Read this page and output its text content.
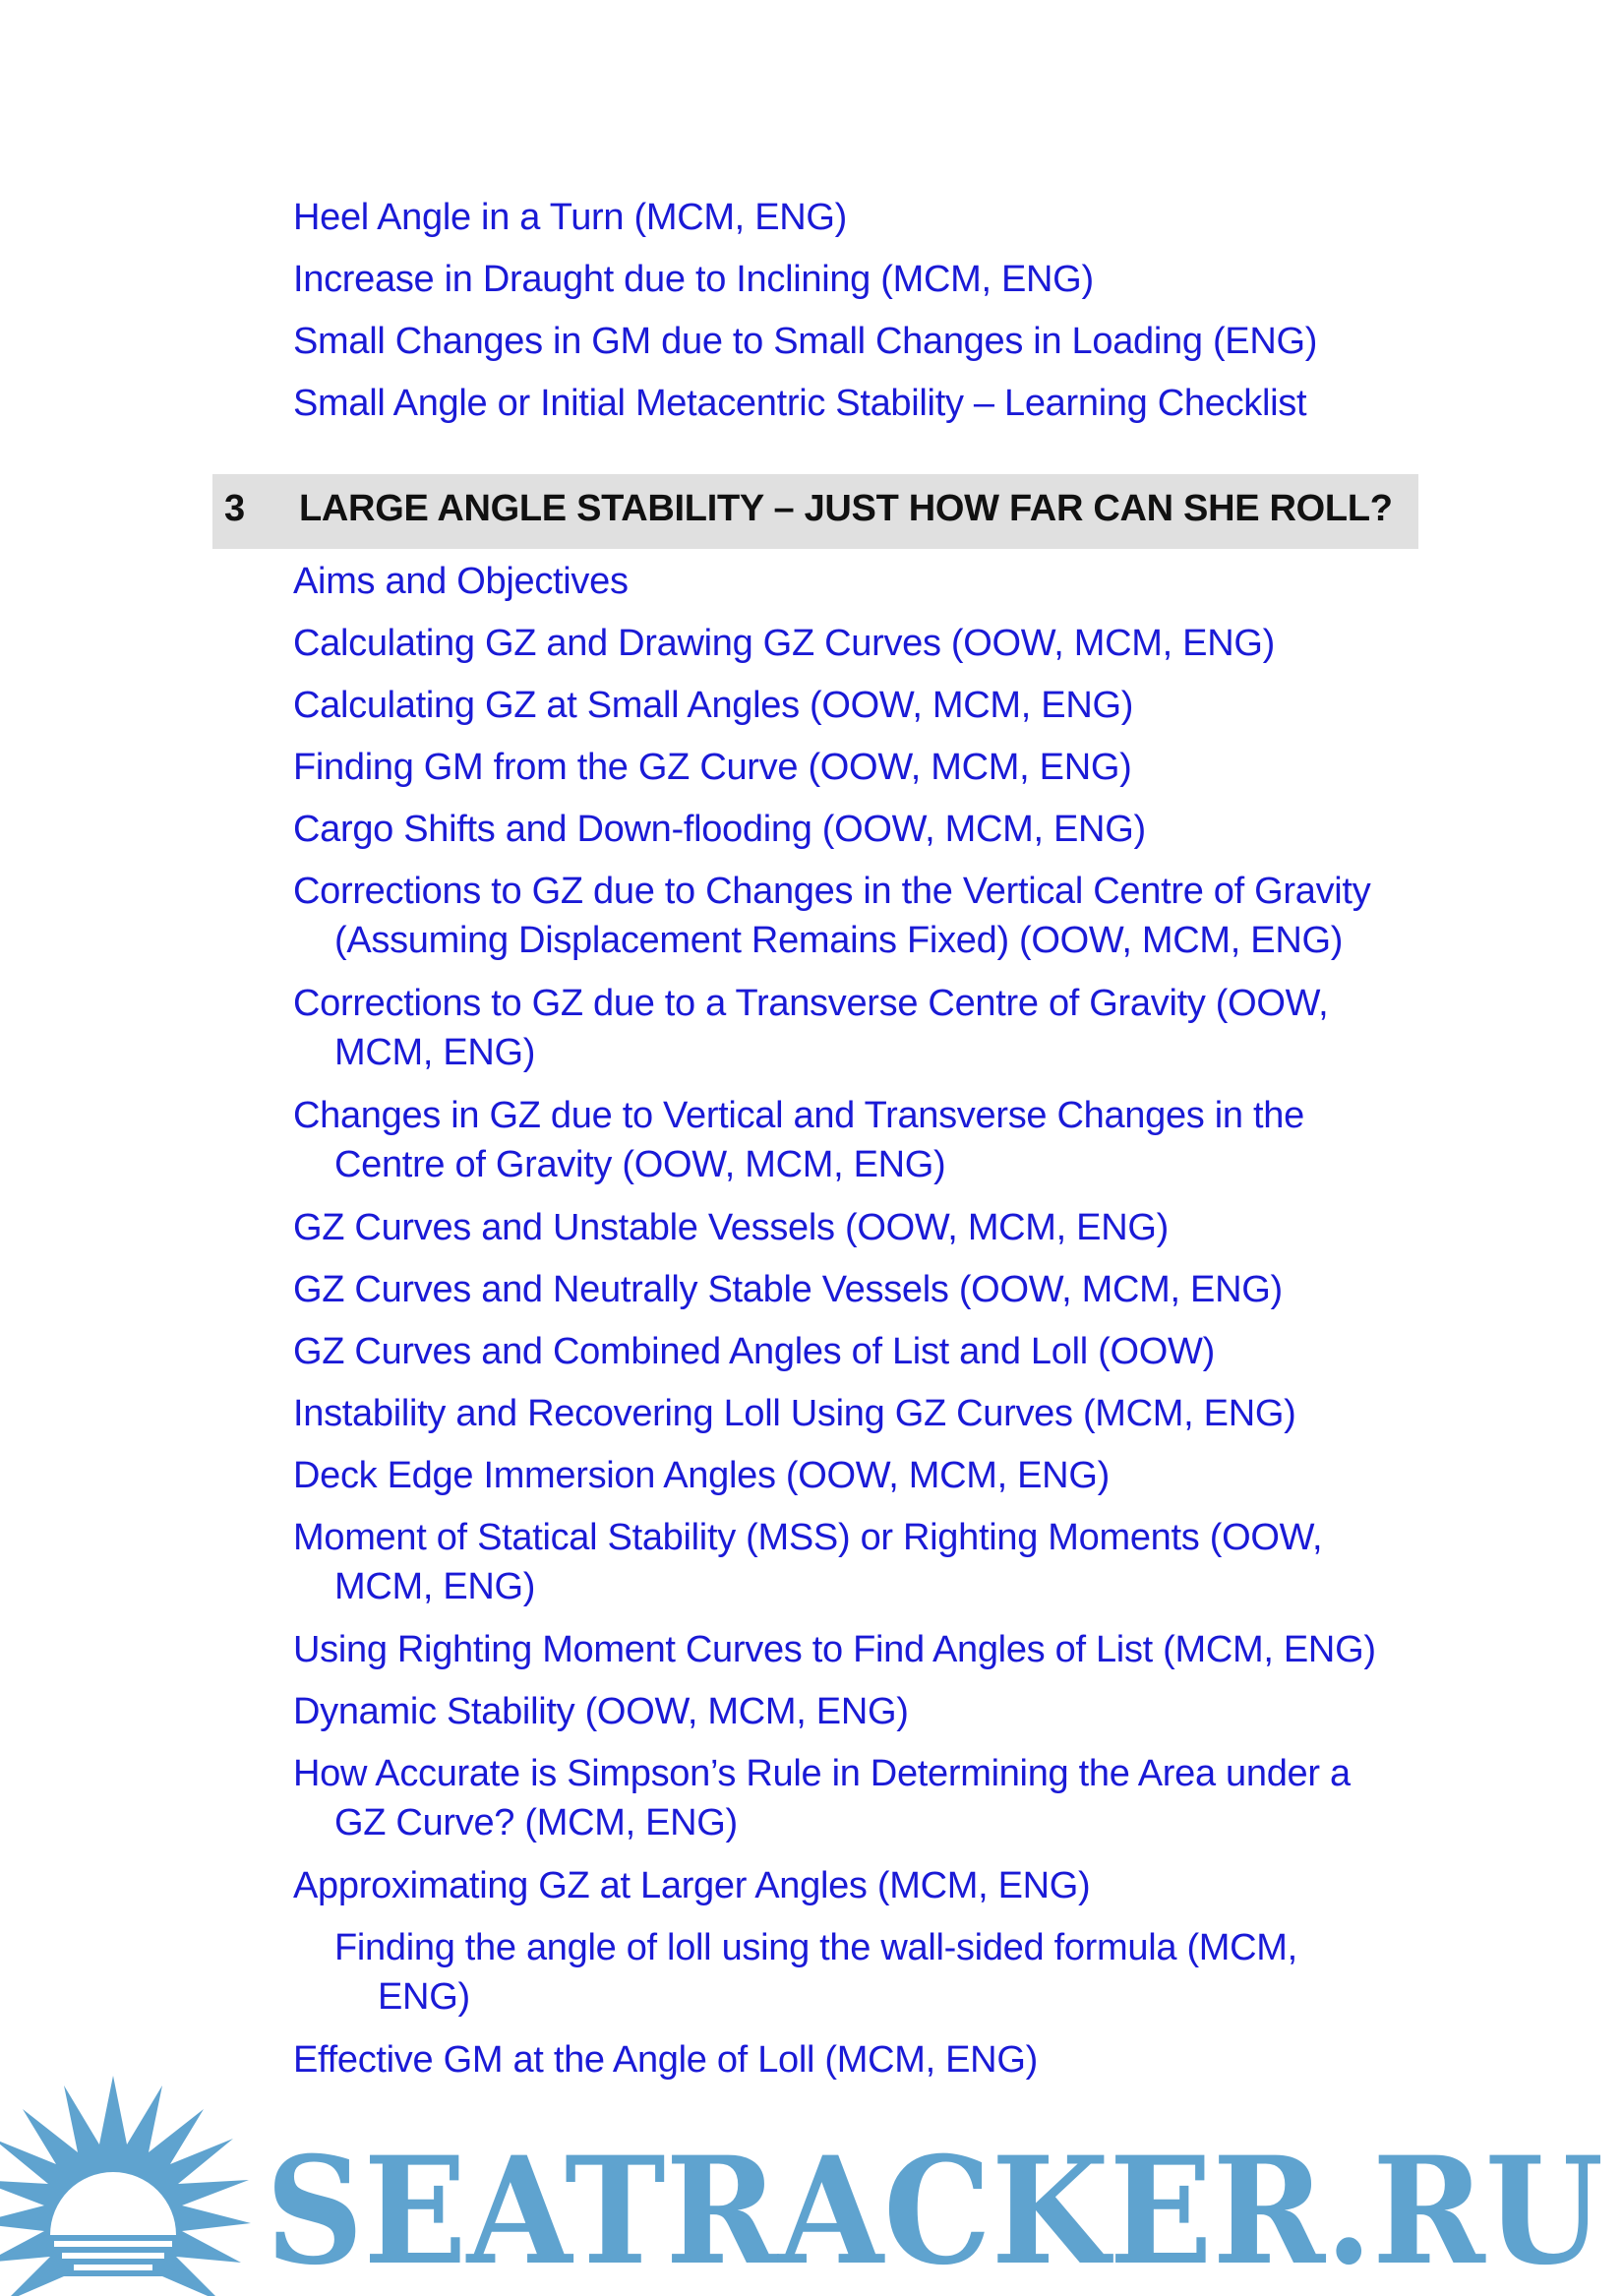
Heel Angle in a Turn (MCM, ENG)
Increase in Draught due to Inclining (MCM, ENG)
Small Changes in GM due to Small Changes in Loading (ENG)
Small Angle or Initial Metacentric Stability – Learning Checklist
3 LARGE ANGLE STABILITY – JUST HOW FAR CAN SHE ROLL?
Aims and Objectives
Calculating GZ and Drawing GZ Curves (OOW, MCM, ENG)
Calculating GZ at Small Angles (OOW, MCM, ENG)
Finding GM from the GZ Curve (OOW, MCM, ENG)
Cargo Shifts and Down-flooding (OOW, MCM, ENG)
Corrections to GZ due to Changes in the Vertical Centre of Gravity
(Assuming Displacement Remains Fixed) (OOW, MCM, ENG)
Corrections to GZ due to a Transverse Centre of Gravity (OOW,
MCM, ENG)
Changes in GZ due to Vertical and Transverse Changes in the
Centre of Gravity (OOW, MCM, ENG)
GZ Curves and Unstable Vessels (OOW, MCM, ENG)
GZ Curves and Neutrally Stable Vessels (OOW, MCM, ENG)
GZ Curves and Combined Angles of List and Loll (OOW)
Instability and Recovering Loll Using GZ Curves (MCM, ENG)
Deck Edge Immersion Angles (OOW, MCM, ENG)
Moment of Statical Stability (MSS) or Righting Moments (OOW,
MCM, ENG)
Using Righting Moment Curves to Find Angles of List (MCM, ENG)
Dynamic Stability (OOW, MCM, ENG)
How Accurate is Simpson’s Rule in Determining the Area under a
GZ Curve? (MCM, ENG)
Approximating GZ at Larger Angles (MCM, ENG)
Finding the angle of loll using the wall-sided formula (MCM,
ENG)
Effective GM at the Angle of Loll (MCM, ENG)
SEATRACKER.RU
